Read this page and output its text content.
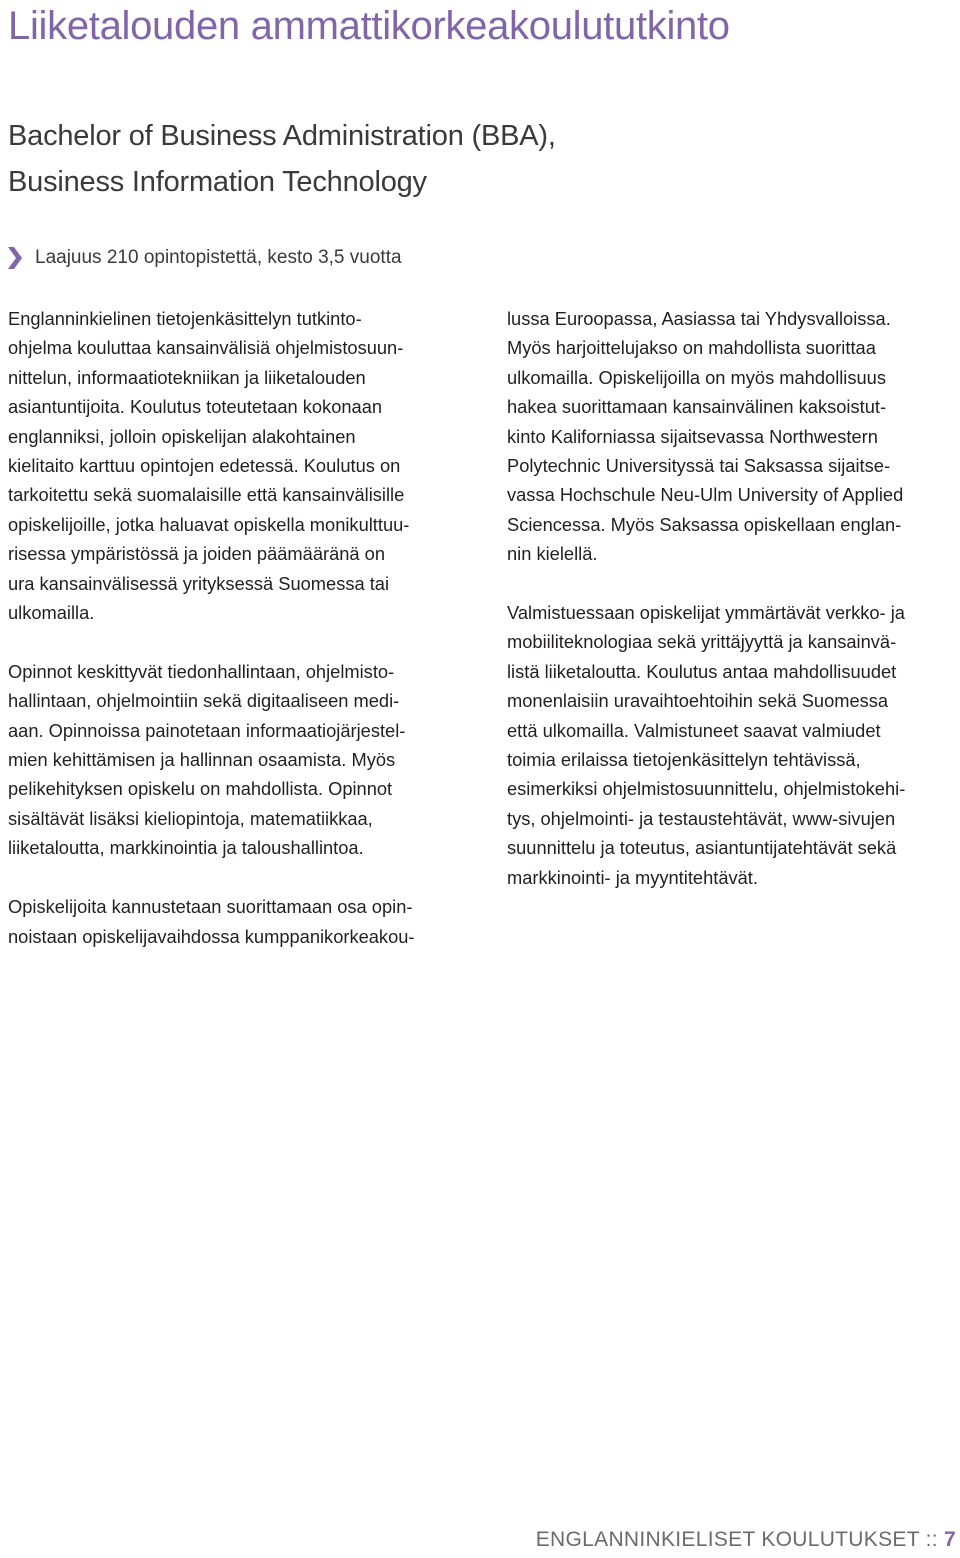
Liiketalouden ammattikorkeakoulututkinto
Bachelor of Business Administration (BBA),
Business Information Technology
Laajuus 210 opintopistettä, kesto 3,5 vuotta

Englanninkielinen tietojenkäsittelyn tutkinto-
ohjelma kouluttaa kansainvälisiä ohjelmistosuun-
nittelun, informaatiotekniikan ja liiketalouden
asiantuntijoita. Koulutus toteutetaan kokonaan
englanniksi, jolloin opiskelijan alakohtainen
kielitaito karttuu opintojen edetessä. Koulutus on
tarkoitettu sekä suomalaisille että kansainvälisille
opiskelijoille, jotka haluavat opiskella monikulttuu-
risessa ympäristössä ja joiden päämääränä on
ura kansainvälisessä yrityksessä Suomessa tai
ulkomailla.

Opinnot keskittyvät tiedonhallintaan, ohjelmisto-
hallintaan, ohjelmointiin sekä digitaaliseen medi-
aan. Opinnoissa painotetaan informaatiojärjestel-
mien kehittämisen ja hallinnan osaamista. Myös
pelikehityksen opiskelu on mahdollista. Opinnot
sisältävät lisäksi kieliopintoja, matematiikkaa,
liiketaloutta, markkinointia ja taloushallintoa.

Opiskelijoita kannustetaan suorittamaan osa opin-
noistaan opiskelijavaihdossa kumppanikorkeakou-

lussa Euroopassa, Aasiassa tai Yhdysvalloissa.
Myös harjoittelujakso on mahdollista suorittaa
ulkomailla. Opiskelijoilla on myös mahdollisuus
hakea suorittamaan kansainvälinen kaksoistut-
kinto Kaliforniassa sijaitsevassa Northwestern
Polytechnic Universityssä tai Saksassa sijaitse-
vassa Hochschule Neu-Ulm University of Applied
Sciencessa. Myös Saksassa opiskellaan englan-
nin kielellä.

Valmistuessaan opiskelijat ymmärtävät verkko- ja
mobiiliteknologiaa sekä yrittäjyyttä ja kansainvä-
listä liiketaloutta. Koulutus antaa mahdollisuudet
monenlaisiin uravaihtoehtoihin sekä Suomessa
että ulkomailla. Valmistuneet saavat valmiudet
toimia erilaissa tietojenkäsittelyn tehtävissä,
esimerkiksi ohjelmistosuunnittelu, ohjelmistokehi-
tys, ohjelmointi- ja testaustehtävät, www-sivujen
suunnittelu ja toteutus, asiantuntijatehtävät sekä
markkinointi- ja myyntitehtävät.

ENGLANNINKIELISET KOULUTUKSET :: 7
